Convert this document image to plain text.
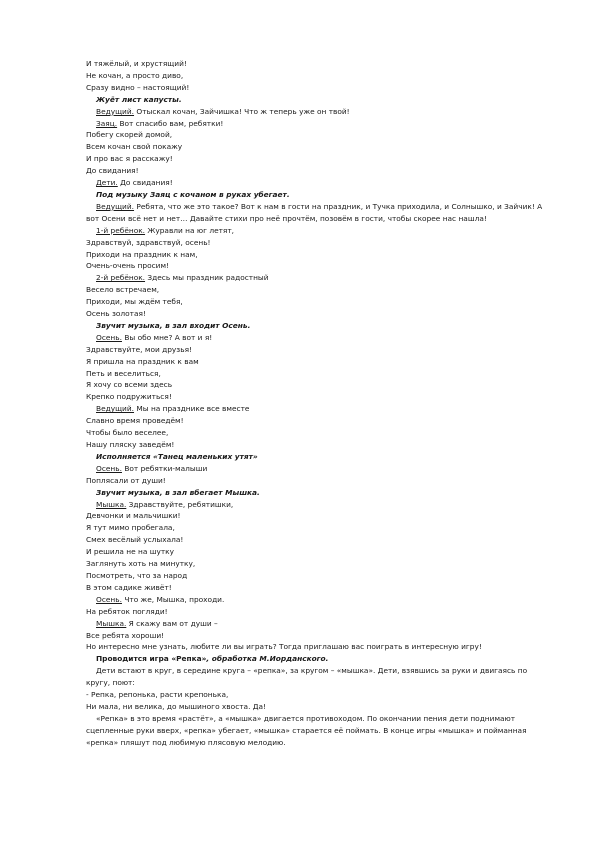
И тяжёлый, и хрустящий!
Не кочан, а просто диво,
Сразу видно – настоящий!
Жуёт лист капусты.
Ведущий. Отыскал кочан, Зайчишка! Что ж теперь уже он твой!
Заяц. Вот спасибо вам, ребятки!
Побегу скорей домой,
Всем кочан свой покажу
И про вас я расскажу!
До свидания!
Дети. До свидания!
Под музыку Заяц с кочаном в руках убегает.
Ведущий. Ребята, что же это такое? Вот к нам в гости на праздник, и Тучка приходила, и Солнышко, и Зайчик! А вот Осени всё нет и нет… Давайте стихи про неё прочтём, позовём в гости, чтобы скорее нас нашла!
1-й ребёнок. Журавли на юг летят,
Здравствуй, здравствуй, осень!
Приходи на праздник к нам,
Очень-очень просим!
2-й ребёнок. Здесь мы праздник радостный
Весело встречаем,
Приходи, мы ждём тебя,
Осень золотая!
Звучит музыка, в зал входит Осень.
Осень. Вы обо мне? А вот и я!
Здравствуйте, мои друзья!
Я пришла на праздник к вам
Петь и веселиться,
Я хочу со всеми здесь
Крепко подружиться!
Ведущий. Мы на празднике все вместе
Славно время проведём!
Чтобы было веселее,
Нашу пляску заведём!
Исполняется «Танец маленьких утят»
Осень. Вот ребятки-малыши
Поплясали от души!
Звучит музыка, в зал вбегает Мышка.
Мышка. Здравствуйте, ребятишки,
Девчонки и мальчишки!
Я тут мимо пробегала,
Смех весёлый услыхала!
И решила не на шутку
Заглянуть хоть на минутку,
Посмотреть, что за народ
В этом садике живёт!
Осень. Что же, Мышка, проходи.
На ребяток погляди!
Мышка. Я скажу вам от души –
Все ребята хороши!
Но интересно мне узнать, любите ли вы играть? Тогда приглашаю вас поиграть в интересную игру!
Проводится игра «Репка», обработка М.Иорданского.
Дети встают в круг, в середине круга – «репка», за кругом – «мышка». Дети, взявшись за руки и двигаясь по кругу, поют:
- Репка, репонька, расти крепонька,
Ни мала, ни велика, до мышиного хвоста. Да!
«Репка» в это время «растёт», а «мышка» двигается противоходом. По окончании пения дети поднимают сцепленные руки вверх, «репка» убегает, «мышка» старается её поймать. В конце игры «мышка» и пойманная «репка» пляшут под любимую плясовую мелодию.
